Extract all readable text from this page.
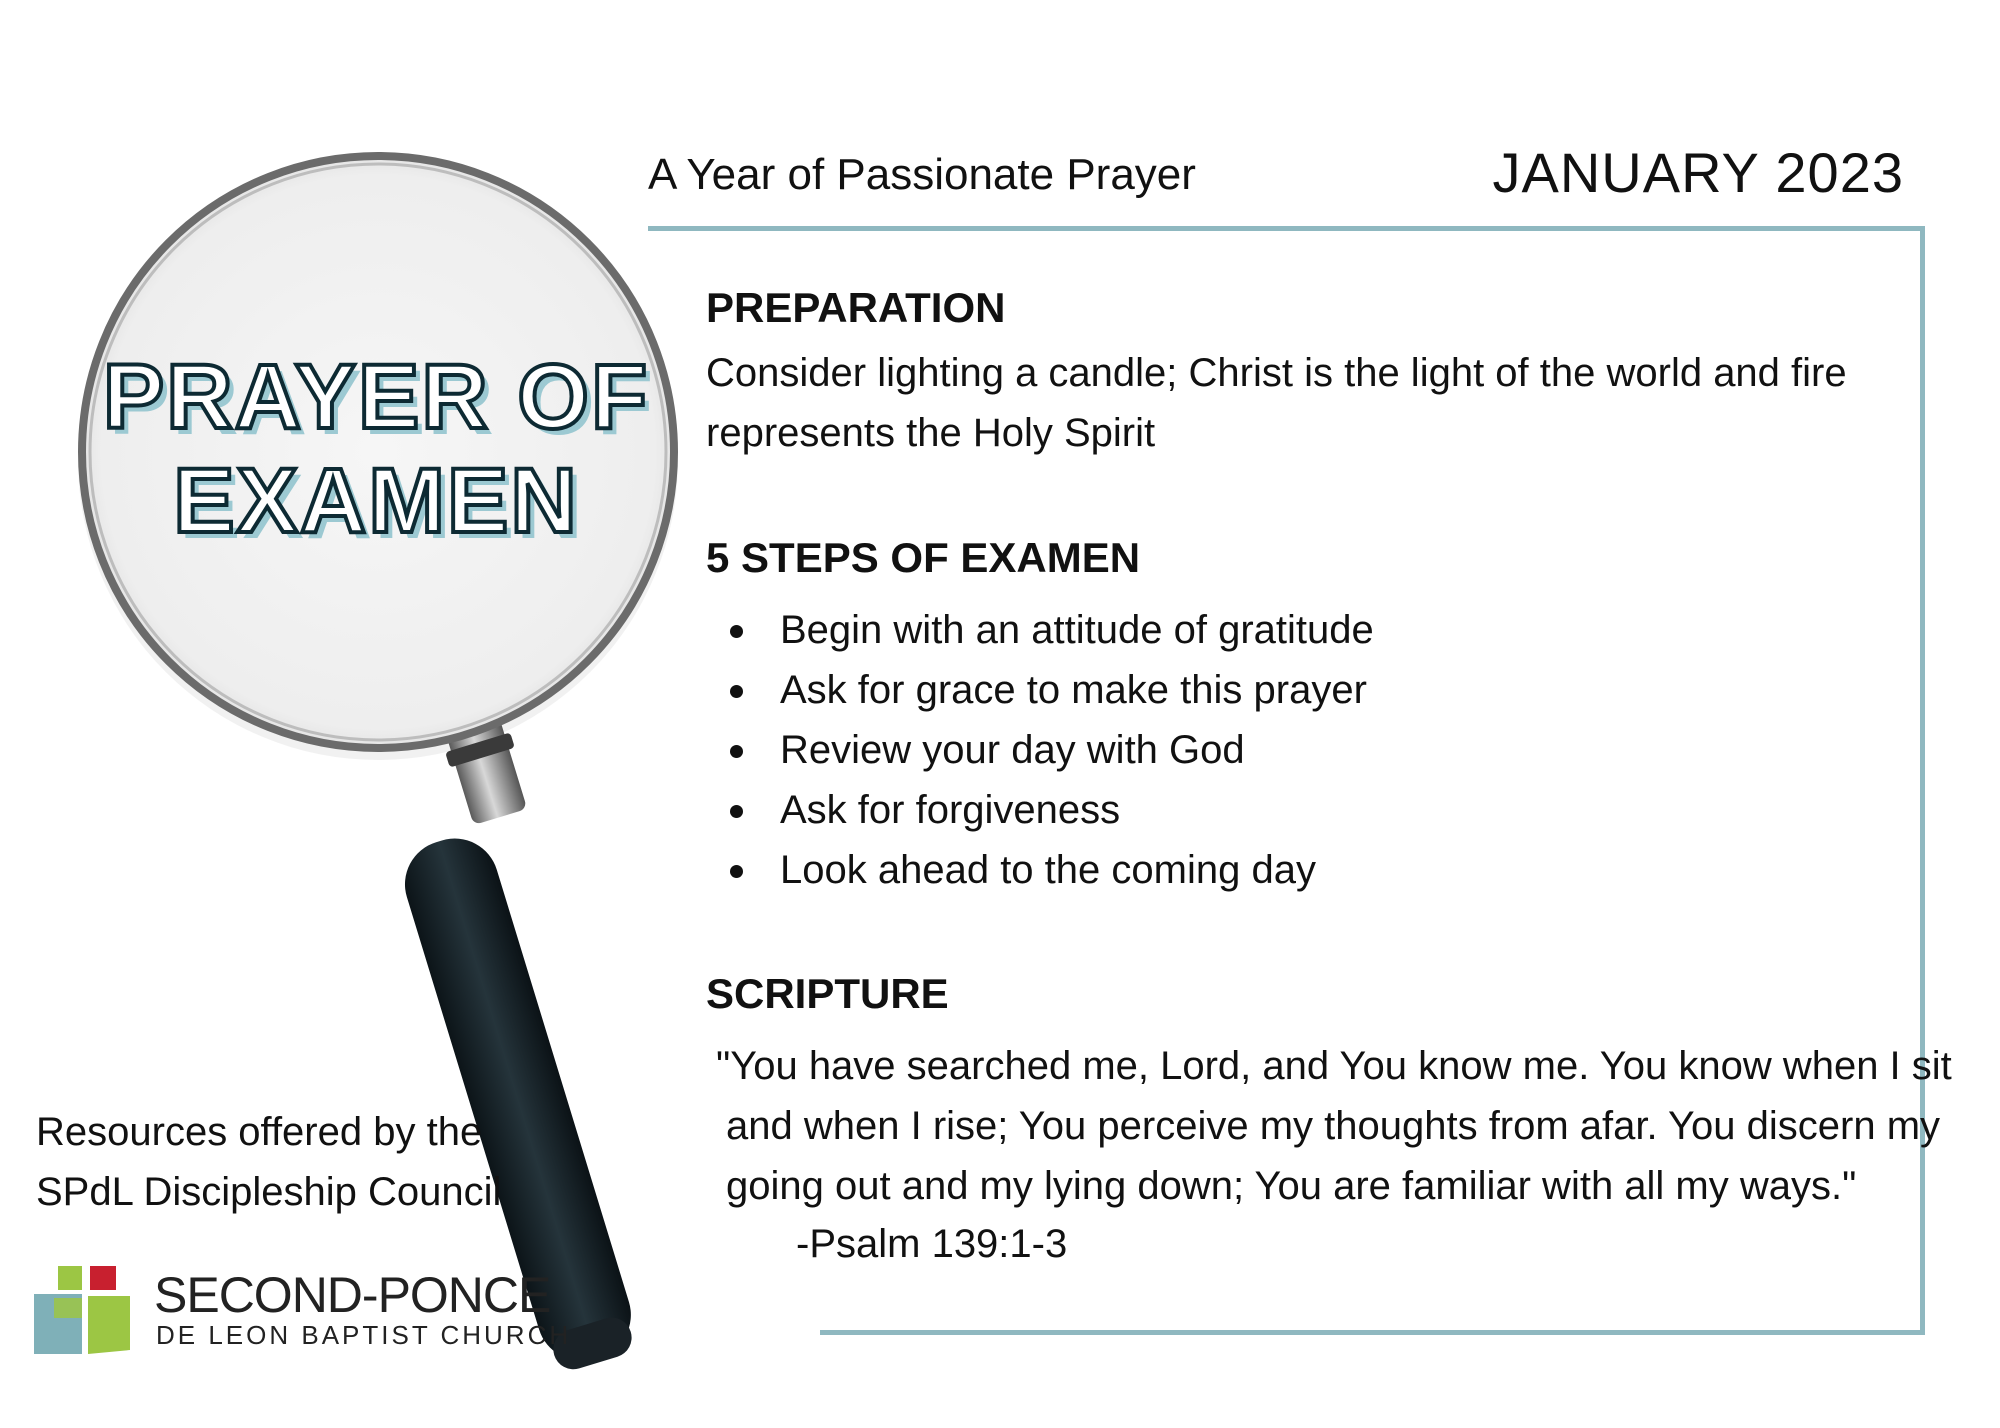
A Year of Passionate Prayer	JANUARY 2023
PRAYER OF
EXAMEN
PREPARATION
Consider lighting a candle; Christ is the light of the world and fire
represents the Holy Spirit
5 STEPS OF EXAMEN
Begin with an attitude of gratitude
Ask for grace to make this prayer
Review your day with God
Ask for forgiveness
Look ahead to the coming day
SCRIPTURE
"You have searched me, Lord, and You know me. You know when I sit
and when I rise; You perceive my thoughts from afar. You discern my
going out and my lying down; You are familiar with all my ways."
-Psalm 139:1-3
Resources offered by the
SPdL Discipleship Council
SECOND-PONCE
DE LEON BAPTIST CHURCH
